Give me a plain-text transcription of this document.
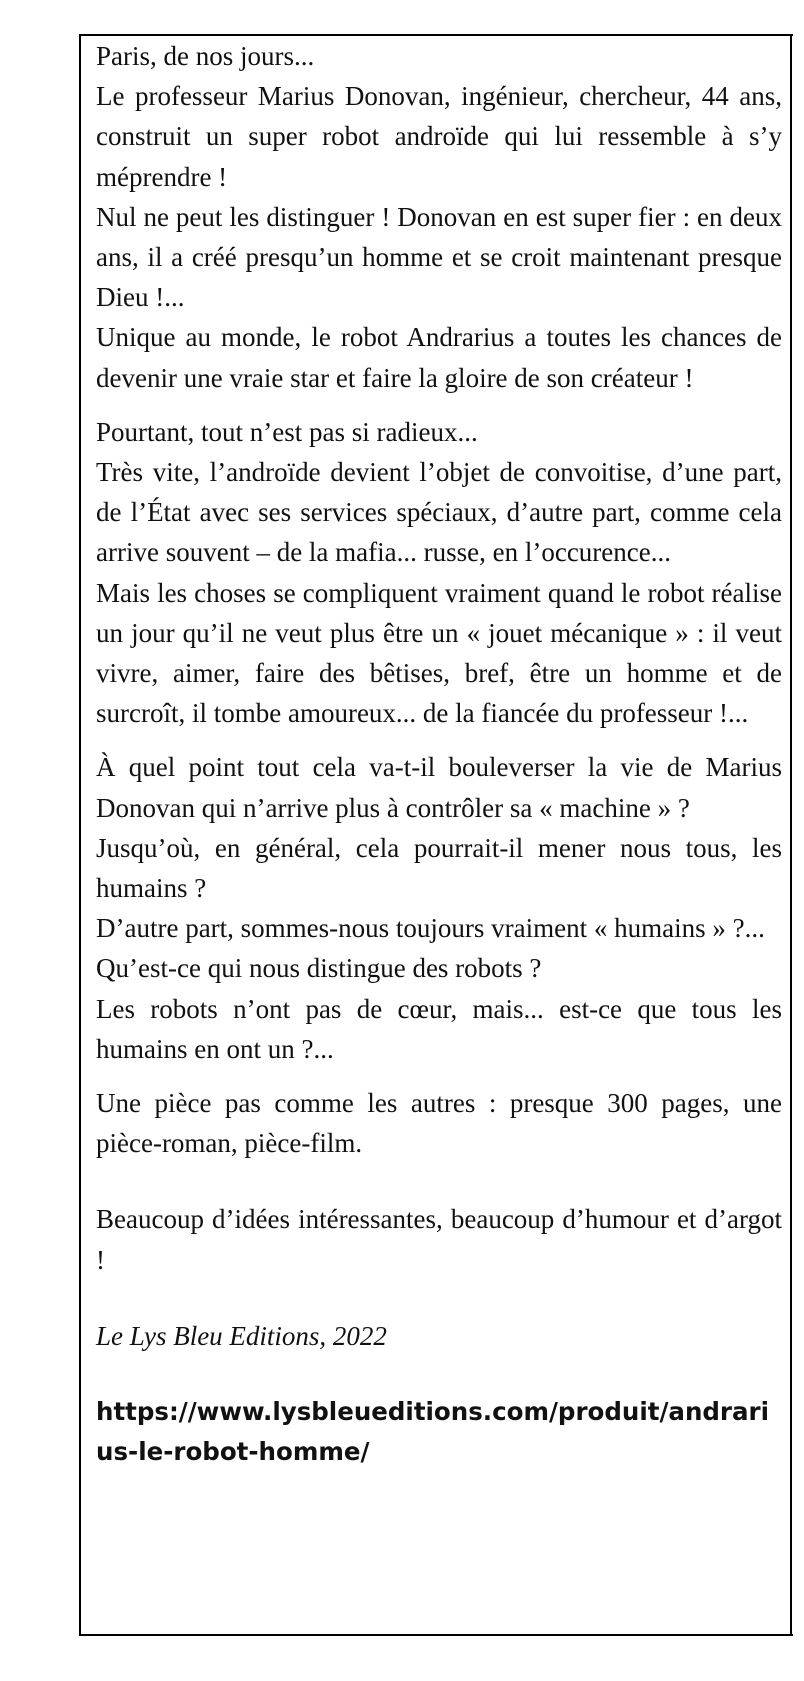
Paris, de nos jours...

Le professeur Marius Donovan, ingénieur, chercheur, 44 ans, construit un super robot androïde qui lui ressemble à s’y méprendre !

Nul ne peut les distinguer ! Donovan en est super fier : en deux ans, il a créé presqu’un homme et se croit maintenant presque Dieu !...

Unique au monde, le robot Andrarius a toutes les chances de devenir une vraie star et faire la gloire de son créateur !

Pourtant, tout n’est pas si radieux...

Très vite, l’androïde devient l’objet de convoitise, d’une part, de l’État avec ses services spéciaux, d’autre part, comme cela arrive souvent – de la mafia... russe, en l’occurence...

Mais les choses se compliquent vraiment quand le robot réalise un jour qu’il ne veut plus être un « jouet mécanique » : il veut vivre, aimer, faire des bêtises, bref, être un homme et de surcroît, il tombe amoureux... de la fiancée du professeur !...

À quel point tout cela va-t-il bouleverser la vie de Marius Donovan qui n’arrive plus à contrôler sa « machine » ?

Jusqu’où, en général, cela pourrait-il mener nous tous, les humains ?

D’autre part, sommes-nous toujours vraiment « humains » ?...

Qu’est-ce qui nous distingue des robots ?

Les robots n’ont pas de cœur, mais... est-ce que tous les humains en ont un ?...

Une pièce pas comme les autres : presque 300 pages, une pièce-roman, pièce-film.

Beaucoup d’idées intéressantes, beaucoup d’humour et d’argot !

Le Lys Bleu Editions, 2022

https://www.lysbleueditions.com/produit/andrarius-le-robot-homme/
